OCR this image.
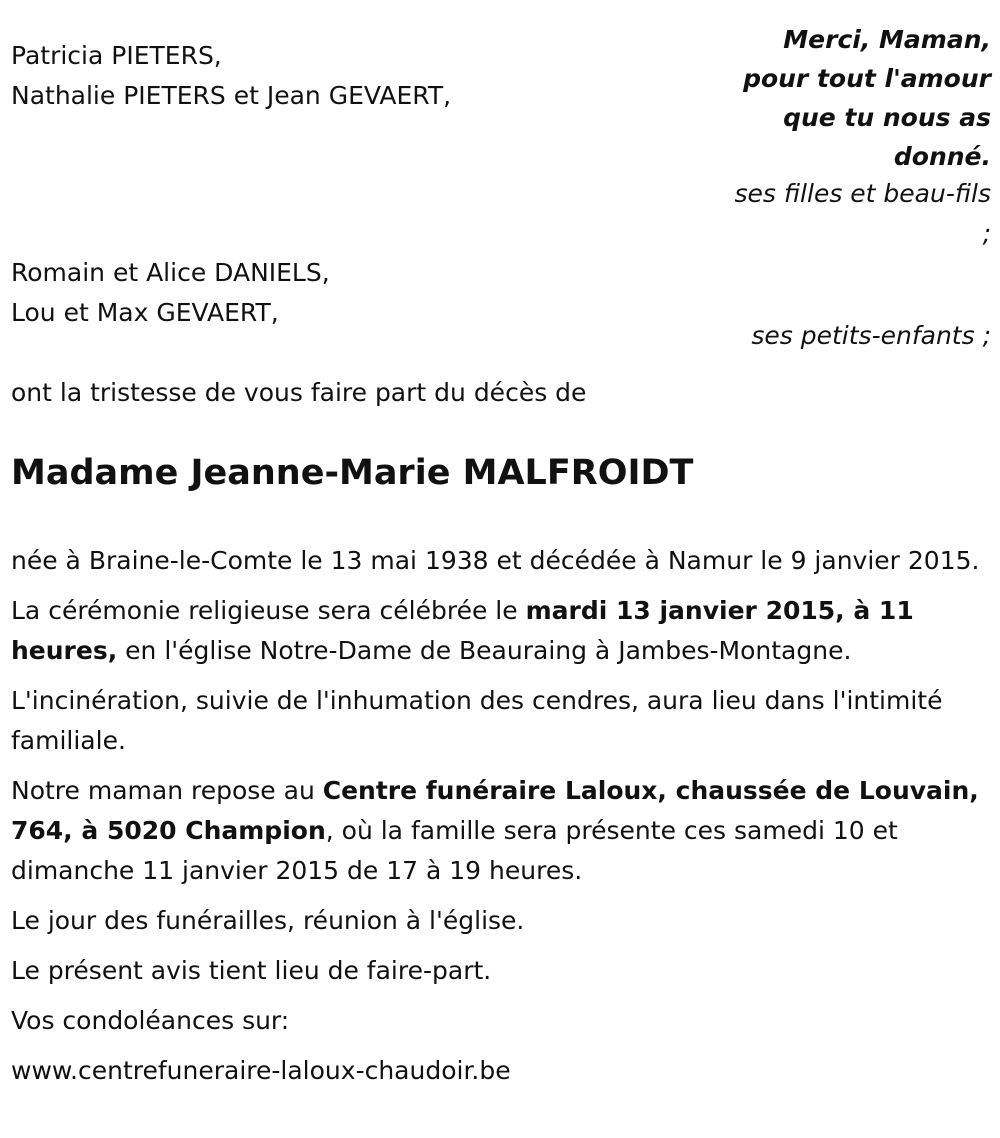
Patricia PIETERS,
Nathalie PIETERS et Jean GEVAERT,
Merci, Maman,
pour tout l'amour
que tu nous as
donné.
ses filles et beau-fils
;
Romain et Alice DANIELS,
Lou et Max GEVAERT,
ses petits-enfants ;

ont la tristesse de vous faire part du décès de

Madame Jeanne-Marie MALFROIDT

née à Braine-le-Comte le 13 mai 1938 et décédée à Namur le 9 janvier 2015.

La cérémonie religieuse sera célébrée le mardi 13 janvier 2015, à 11 heures, en l'église Notre-Dame de Beauraing à Jambes-Montagne.

L'incinération, suivie de l'inhumation des cendres, aura lieu dans l'intimité familiale.

Notre maman repose au Centre funéraire Laloux, chaussée de Louvain, 764, à 5020 Champion, où la famille sera présente ces samedi 10 et dimanche 11 janvier 2015 de 17 à 19 heures.

Le jour des funérailles, réunion à l'église.

Le présent avis tient lieu de faire-part.

Vos condoléances sur:

www.centrefuneraire-laloux-chaudoir.be
